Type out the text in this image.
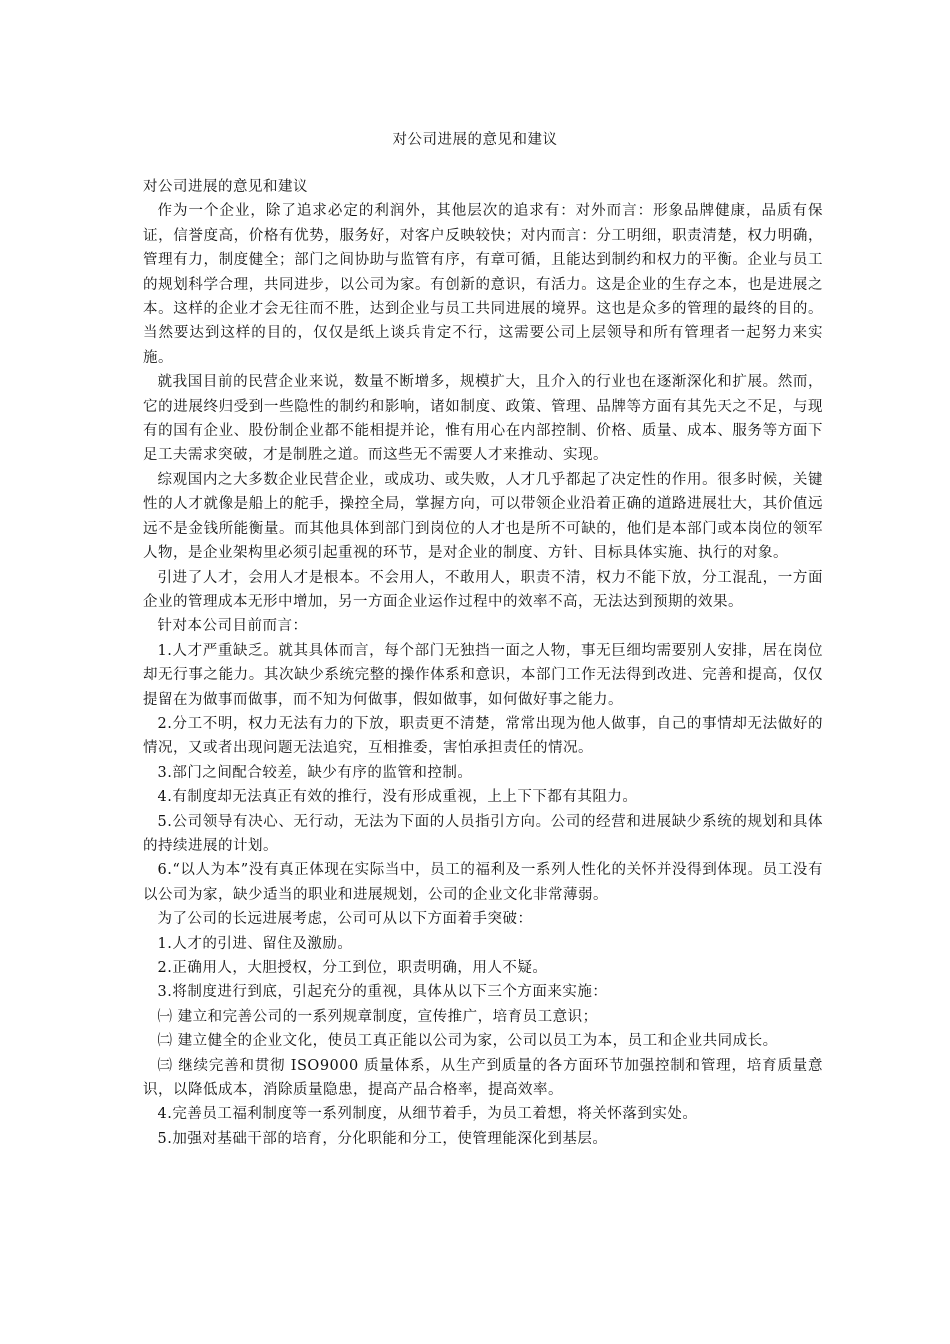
对公司进展的意见和建议

对公司进展的意见和建议

作为一个企业，除了追求必定的利润外，其他层次的追求有：对外而言：形象品牌健康，品质有保证，信誉度高，价格有优势，服务好，对客户反映较快；对内而言：分工明细，职责清楚，权力明确，管理有力，制度健全；部门之间协助与监管有序，有章可循，且能达到制约和权力的平衡。企业与员工的规划科学合理，共同进步，以公司为家。有创新的意识，有活力。这是企业的生存之本，也是进展之本。这样的企业才会无往而不胜，达到企业与员工共同进展的境界。这也是众多的管理的最终的目的。当然要达到这样的目的，仅仅是纸上谈兵肯定不行，这需要公司上层领导和所有管理者一起努力来实施。

就我国目前的民营企业来说，数量不断增多，规模扩大，且介入的行业也在逐渐深化和扩展。然而，它的进展终归受到一些隐性的制约和影响，诸如制度、政策、管理、品牌等方面有其先天之不足，与现有的国有企业、股份制企业都不能相提并论，惟有用心在内部控制、价格、质量、成本、服务等方面下足工夫需求突破，才是制胜之道。而这些无不需要人才来推动、实现。

综观国内之大多数企业民营企业，或成功、或失败，人才几乎都起了决定性的作用。很多时候，关键性的人才就像是船上的舵手，操控全局，掌握方向，可以带领企业沿着正确的道路进展壮大，其价值远远不是金钱所能衡量。而其他具体到部门到岗位的人才也是所不可缺的，他们是本部门或本岗位的领军人物，是企业架构里必须引起重视的环节，是对企业的制度、方针、目标具体实施、执行的对象。

引进了人才，会用人才是根本。不会用人，不敢用人，职责不清，权力不能下放，分工混乱，一方面企业的管理成本无形中增加，另一方面企业运作过程中的效率不高，无法达到预期的效果。

针对本公司目前而言：

1.人才严重缺乏。就其具体而言，每个部门无独挡一面之人物，事无巨细均需要别人安排，居在岗位却无行事之能力。其次缺少系统完整的操作体系和意识，本部门工作无法得到改进、完善和提高，仅仅提留在为做事而做事，而不知为何做事，假如做事，如何做好事之能力。

2.分工不明，权力无法有力的下放，职责更不清楚，常常出现为他人做事，自己的事情却无法做好的情况，又或者出现问题无法追究，互相推委，害怕承担责任的情况。

3.部门之间配合较差，缺少有序的监管和控制。

4.有制度却无法真正有效的推行，没有形成重视，上上下下都有其阻力。

5.公司领导有决心、无行动，无法为下面的人员指引方向。公司的经营和进展缺少系统的规划和具体的持续进展的计划。

6.“以人为本”没有真正体现在实际当中，员工的福利及一系列人性化的关怀并没得到体现。员工没有以公司为家，缺少适当的职业和进展规划，公司的企业文化非常薄弱。

为了公司的长远进展考虑，公司可从以下方面着手突破：

1.人才的引进、留住及激励。

2.正确用人，大胆授权，分工到位，职责明确，用人不疑。

3.将制度进行到底，引起充分的重视，具体从以下三个方面来实施：

㈠ 建立和完善公司的一系列规章制度，宣传推广，培育员工意识；

㈡ 建立健全的企业文化，使员工真正能以公司为家，公司以员工为本，员工和企业共同成长。

㈢ 继续完善和贯彻 ISO9000 质量体系，从生产到质量的各方面环节加强控制和管理，培育质量意识，以降低成本，消除质量隐患，提高产品合格率，提高效率。

4.完善员工福利制度等一系列制度，从细节着手，为员工着想，将关怀落到实处。

5.加强对基础干部的培育，分化职能和分工，使管理能深化到基层。
